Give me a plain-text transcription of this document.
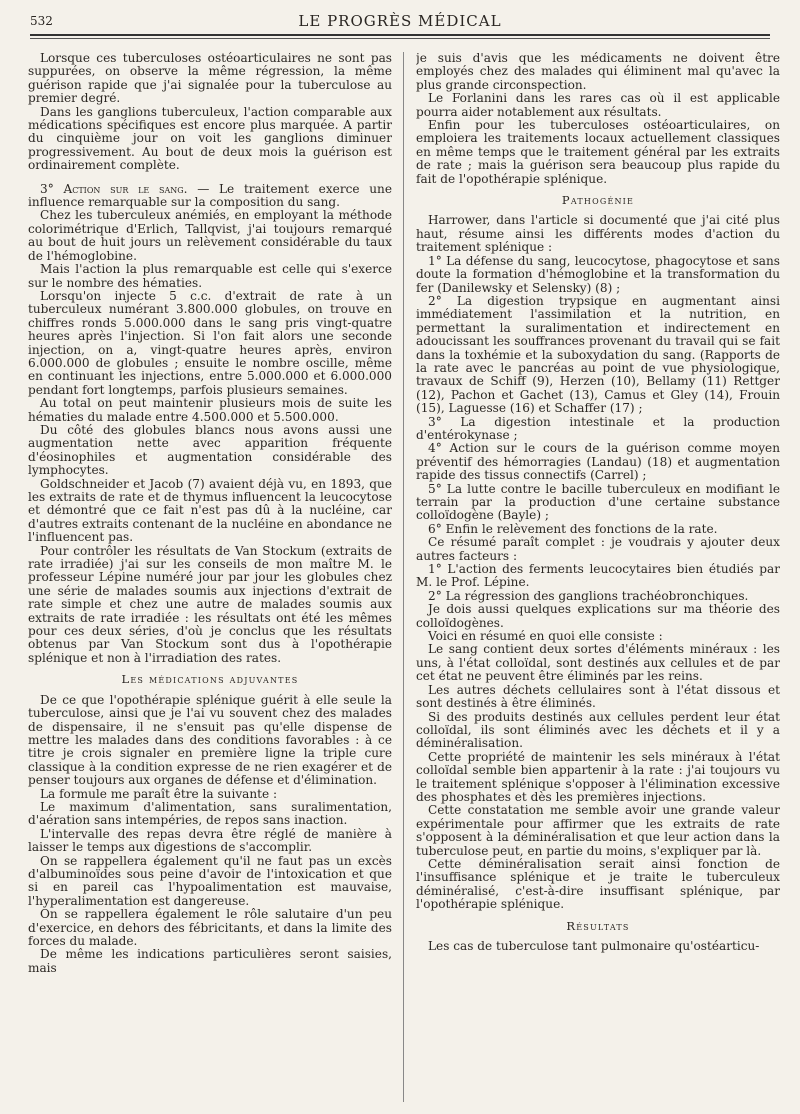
532	LE PROGRÈS MÉDICAL

Lorsque ces tuberculoses ostéoarticulaires ne sont pas suppurées, on observe la même régression, la même guérison rapide que j'ai signalée pour la tuberculose au premier degré.

Dans les ganglions tuberculeux, l'action comparable aux médications spécifiques est encore plus marquée. A partir du cinquième jour on voit les ganglions diminuer progressivement. Au bout de deux mois la guérison est ordinairement complète.

3° Action sur le sang. — Le traitement exerce une influence remarquable sur la composition du sang.

Chez les tuberculeux anémiés, en employant la méthode colorimétrique d'Erlich, Tallqvist, j'ai toujours remarqué au bout de huit jours un relèvement considérable du taux de l'hémoglobine.

Mais l'action la plus remarquable est celle qui s'exerce sur le nombre des hématies.

Lorsqu'on injecte 5 c.c. d'extrait de rate à un tuberculeux numérant 3.800.000 globules, on trouve en chiffres ronds 5.000.000 dans le sang pris vingt-quatre heures après l'injection. Si l'on fait alors une seconde injection, on a, vingt-quatre heures après, environ 6.000.000 de globules ; ensuite le nombre oscille, même en continuant les injections, entre 5.000.000 et 6.000.000 pendant fort longtemps, parfois plusieurs semaines.

Au total on peut maintenir plusieurs mois de suite les hématies du malade entre 4.500.000 et 5.500.000.

Du côté des globules blancs nous avons aussi une augmentation nette avec apparition fréquente d'éosinophiles et augmentation considérable des lymphocytes.

Goldschneider et Jacob (7) avaient déjà vu, en 1893, que les extraits de rate et de thymus influencent la leucocytose et démontré que ce fait n'est pas dû à la nucléine, car d'autres extraits contenant de la nucléine en abondance ne l'influencent pas.

Pour contrôler les résultats de Van Stockum (extraits de rate irradiée) j'ai sur les conseils de mon maître M. le professeur Lépine numéré jour par jour les globules chez une série de malades soumis aux injections d'extrait de rate simple et chez une autre de malades soumis aux extraits de rate irradiée : les résultats ont été les mêmes pour ces deux séries, d'où je conclus que les résultats obtenus par Van Stockum sont dus à l'opothérapie splénique et non à l'irradiation des rates.

Les médications adjuvantes

De ce que l'opothérapie splénique guérit à elle seule la tuberculose, ainsi que je l'ai vu souvent chez des malades de dispensaire, il ne s'ensuit pas qu'elle dispense de mettre les malades dans des conditions favorables : à ce titre je crois signaler en première ligne la triple cure classique à la condition expresse de ne rien exagérer et de penser toujours aux organes de défense et d'élimination.

La formule me paraît être la suivante :

Le maximum d'alimentation, sans suralimentation, d'aération sans intempéries, de repos sans inaction.

L'intervalle des repas devra être réglé de manière à laisser le temps aux digestions de s'accomplir.

On se rappellera également qu'il ne faut pas un excès d'albuminoïdes sous peine d'avoir de l'intoxication et que si en pareil cas l'hypoalimentation est mauvaise, l'hyperalimentation est dangereuse.

On se rappellera également le rôle salutaire d'un peu d'exercice, en dehors des fébricitants, et dans la limite des forces du malade.

De même les indications particulières seront saisies, mais

je suis d'avis que les médicaments ne doivent être employés chez des malades qui éliminent mal qu'avec la plus grande circonspection.

Le Forlanini dans les rares cas où il est applicable pourra aider notablement aux résultats.

Enfin pour les tuberculoses ostéoarticulaires, on emploiera les traitements locaux actuellement classiques en même temps que le traitement général par les extraits de rate ; mais la guérison sera beaucoup plus rapide du fait de l'opothérapie splénique.

Pathogénie

Harrower, dans l'article si documenté que j'ai cité plus haut, résume ainsi les différents modes d'action du traitement splénique :

1° La défense du sang, leucocytose, phagocytose et sans doute la formation d'hémoglobine et la transformation du fer (Danilewsky et Selensky) (8) ;

2° La digestion trypsique en augmentant ainsi immédiatement l'assimilation et la nutrition, en permettant la suralimentation et indirectement en adoucissant les souffrances provenant du travail qui se fait dans la toxhémie et la suboxydation du sang. (Rapports de la rate avec le pancréas au point de vue physiologique, travaux de Schiff (9), Herzen (10), Bellamy (11) Rettger (12), Pachon et Gachet (13), Camus et Gley (14), Frouin (15), Laguesse (16) et Schaffer (17) ;

3° La digestion intestinale et la production d'entérokynase ;

4° Action sur le cours de la guérison comme moyen préventif des hémorragies (Landau) (18) et augmentation rapide des tissus connectifs (Carrel) ;

5° La lutte contre le bacille tuberculeux en modifiant le terrain par la production d'une certaine substance colloïdogène (Bayle) ;

6° Enfin le relèvement des fonctions de la rate.

Ce résumé paraît complet : je voudrais y ajouter deux autres facteurs :

1° L'action des ferments leucocytaires bien étudiés par M. le Prof. Lépine.

2° La régression des ganglions trachéobronchiques.

Je dois aussi quelques explications sur ma théorie des colloïdogènes.

Voici en résumé en quoi elle consiste :

Le sang contient deux sortes d'éléments minéraux : les uns, à l'état colloïdal, sont destinés aux cellules et de par cet état ne peuvent être éliminés par les reins.

Les autres déchets cellulaires sont à l'état dissous et sont destinés à être éliminés.

Si des produits destinés aux cellules perdent leur état colloïdal, ils sont éliminés avec les déchets et il y a déminéralisation.

Cette propriété de maintenir les sels minéraux à l'état colloïdal semble bien appartenir à la rate : j'ai toujours vu le traitement splénique s'opposer à l'élimination excessive des phosphates et dès les premières injections.

Cette constatation me semble avoir une grande valeur expérimentale pour affirmer que les extraits de rate s'opposent à la déminéralisation et que leur action dans la tuberculose peut, en partie du moins, s'expliquer par là.

Cette déminéralisation serait ainsi fonction de l'insuffisance splénique et je traite le tuberculeux déminéralisé, c'est-à-dire insuffisant splénique, par l'opothérapie splénique.

Résultats

Les cas de tuberculose tant pulmonaire qu'ostéarticu-
